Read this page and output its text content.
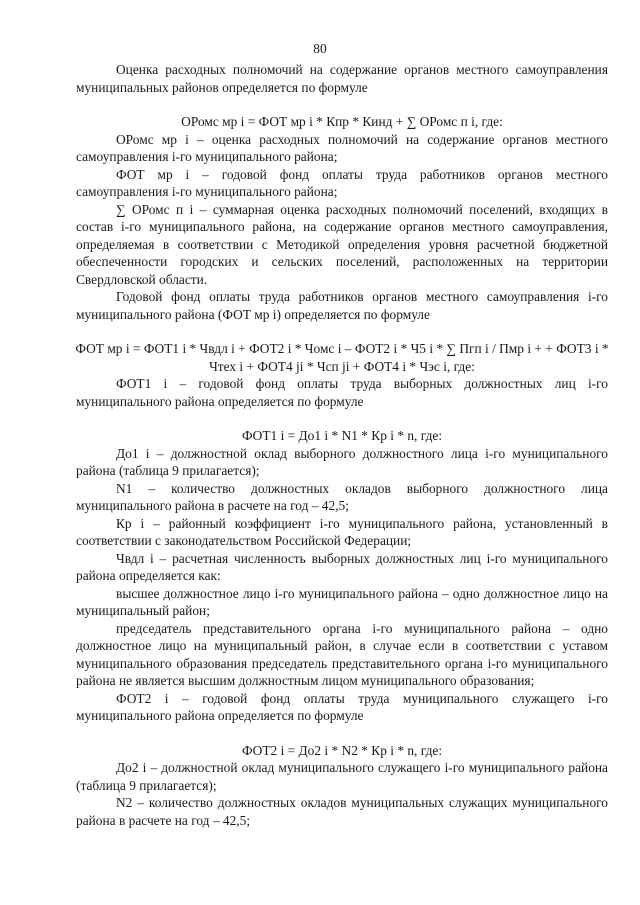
80

Оценка расходных полномочий на содержание органов местного самоуправления муниципальных районов определяется по формуле

ОРомс мр i = ФОТ мр i * Кпр * Кинд + ∑ ОРомс п i, где:

ОРомс мр i – оценка расходных полномочий на содержание органов местного самоуправления i-го муниципального района;

ФОТ мр i – годовой фонд оплаты труда работников органов местного самоуправления i-го муниципального района;

∑ ОРомс п i – суммарная оценка расходных полномочий поселений, входящих в состав i-го муниципального района, на содержание органов местного самоуправления, определяемая в соответствии с Методикой определения уровня расчетной бюджетной обеспеченности городских и сельских поселений, расположенных на территории Свердловской области.

Годовой фонд оплаты труда работников органов местного самоуправления i-го муниципального района (ФОТ мр i) определяется по формуле

ФОТ мр i = ФОТ1 i * Чвдл i + ФОТ2 i * Чомс i – ФОТ2 i * Ч5 i * ∑ Пгп i / Пмр i + + ФОТ3 i * Чтех i + ФОТ4 ji * Чсп ji + ФОТ4 i * Чэс i, где:

ФОТ1 i – годовой фонд оплаты труда выборных должностных лиц i-го муниципального района определяется по формуле

ФОТ1 i = До1 i * N1 * Кр i * n, где:

До1 i – должностной оклад выборного должностного лица i-го муниципального района (таблица 9 прилагается);

N1 – количество должностных окладов выборного должностного лица муниципального района в расчете на год – 42,5;

Кр i – районный коэффициент i-го муниципального района, установленный в соответствии с законодательством Российской Федерации;

Чвдл i – расчетная численность выборных должностных лиц i-го муниципального района определяется как:

высшее должностное лицо i-го муниципального района – одно должностное лицо на муниципальный район;

председатель представительного органа i-го муниципального района – одно должностное лицо на муниципальный район, в случае если в соответствии с уставом муниципального образования председатель представительного органа i-го муниципального района не является высшим должностным лицом муниципального образования;

ФОТ2 i – годовой фонд оплаты труда муниципального служащего i-го муниципального района определяется по формуле

ФОТ2 i = До2 i * N2 * Кр i * n, где:

До2 i – должностной оклад муниципального служащего i-го муниципального района (таблица 9 прилагается);

N2 – количество должностных окладов муниципальных служащих муниципального района в расчете на год – 42,5;
